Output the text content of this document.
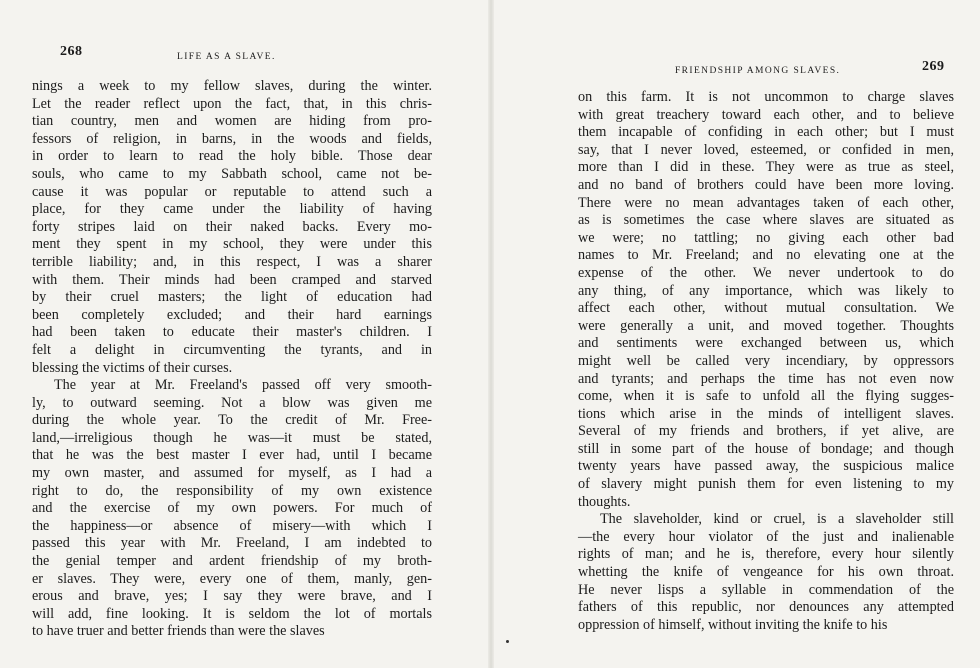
268	LIFE AS A SLAVE.
nings a week to my fellow slaves, during the winter.
Let the reader reflect upon the fact, that, in this chris-
tian country, men and women are hiding from pro-
fessors of religion, in barns, in the woods and fields,
in order to learn to read the holy bible. Those dear
souls, who came to my Sabbath school, came not be-
cause it was popular or reputable to attend such a
place, for they came under the liability of having
forty stripes laid on their naked backs. Every mo-
ment they spent in my school, they were under this
terrible liability; and, in this respect, I was a sharer
with them. Their minds had been cramped and starved
by their cruel masters; the light of education had
been completely excluded; and their hard earnings
had been taken to educate their master's children. I
felt a delight in circumventing the tyrants, and in
blessing the victims of their curses.
The year at Mr. Freeland's passed off very smooth-
ly, to outward seeming. Not a blow was given me
during the whole year. To the credit of Mr. Free-
land,—irreligious though he was—it must be stated,
that he was the best master I ever had, until I became
my own master, and assumed for myself, as I had a
right to do, the responsibility of my own existence
and the exercise of my own powers. For much of
the happiness—or absence of misery—with which I
passed this year with Mr. Freeland, I am indebted to
the genial temper and ardent friendship of my broth-
er slaves. They were, every one of them, manly, gen-
erous and brave, yes; I say they were brave, and I
will add, fine looking. It is seldom the lot of mortals
to have truer and better friends than were the slaves
FRIENDSHIP AMONG SLAVES.	269
on this farm. It is not uncommon to charge slaves
with great treachery toward each other, and to believe
them incapable of confiding in each other; but I must
say, that I never loved, esteemed, or confided in men,
more than I did in these. They were as true as steel,
and no band of brothers could have been more loving.
There were no mean advantages taken of each other,
as is sometimes the case where slaves are situated as
we were; no tattling; no giving each other bad
names to Mr. Freeland; and no elevating one at the
expense of the other. We never undertook to do
any thing, of any importance, which was likely to
affect each other, without mutual consultation. We
were generally a unit, and moved together. Thoughts
and sentiments were exchanged between us, which
might well be called very incendiary, by oppressors
and tyrants; and perhaps the time has not even now
come, when it is safe to unfold all the flying sugges-
tions which arise in the minds of intelligent slaves.
Several of my friends and brothers, if yet alive, are
still in some part of the house of bondage; and though
twenty years have passed away, the suspicious malice
of slavery might punish them for even listening to my
thoughts.
The slaveholder, kind or cruel, is a slaveholder still
—the every hour violator of the just and inalienable
rights of man; and he is, therefore, every hour silently
whetting the knife of vengeance for his own throat.
He never lisps a syllable in commendation of the
fathers of this republic, nor denounces any attempted
oppression of himself, without inviting the knife to his
